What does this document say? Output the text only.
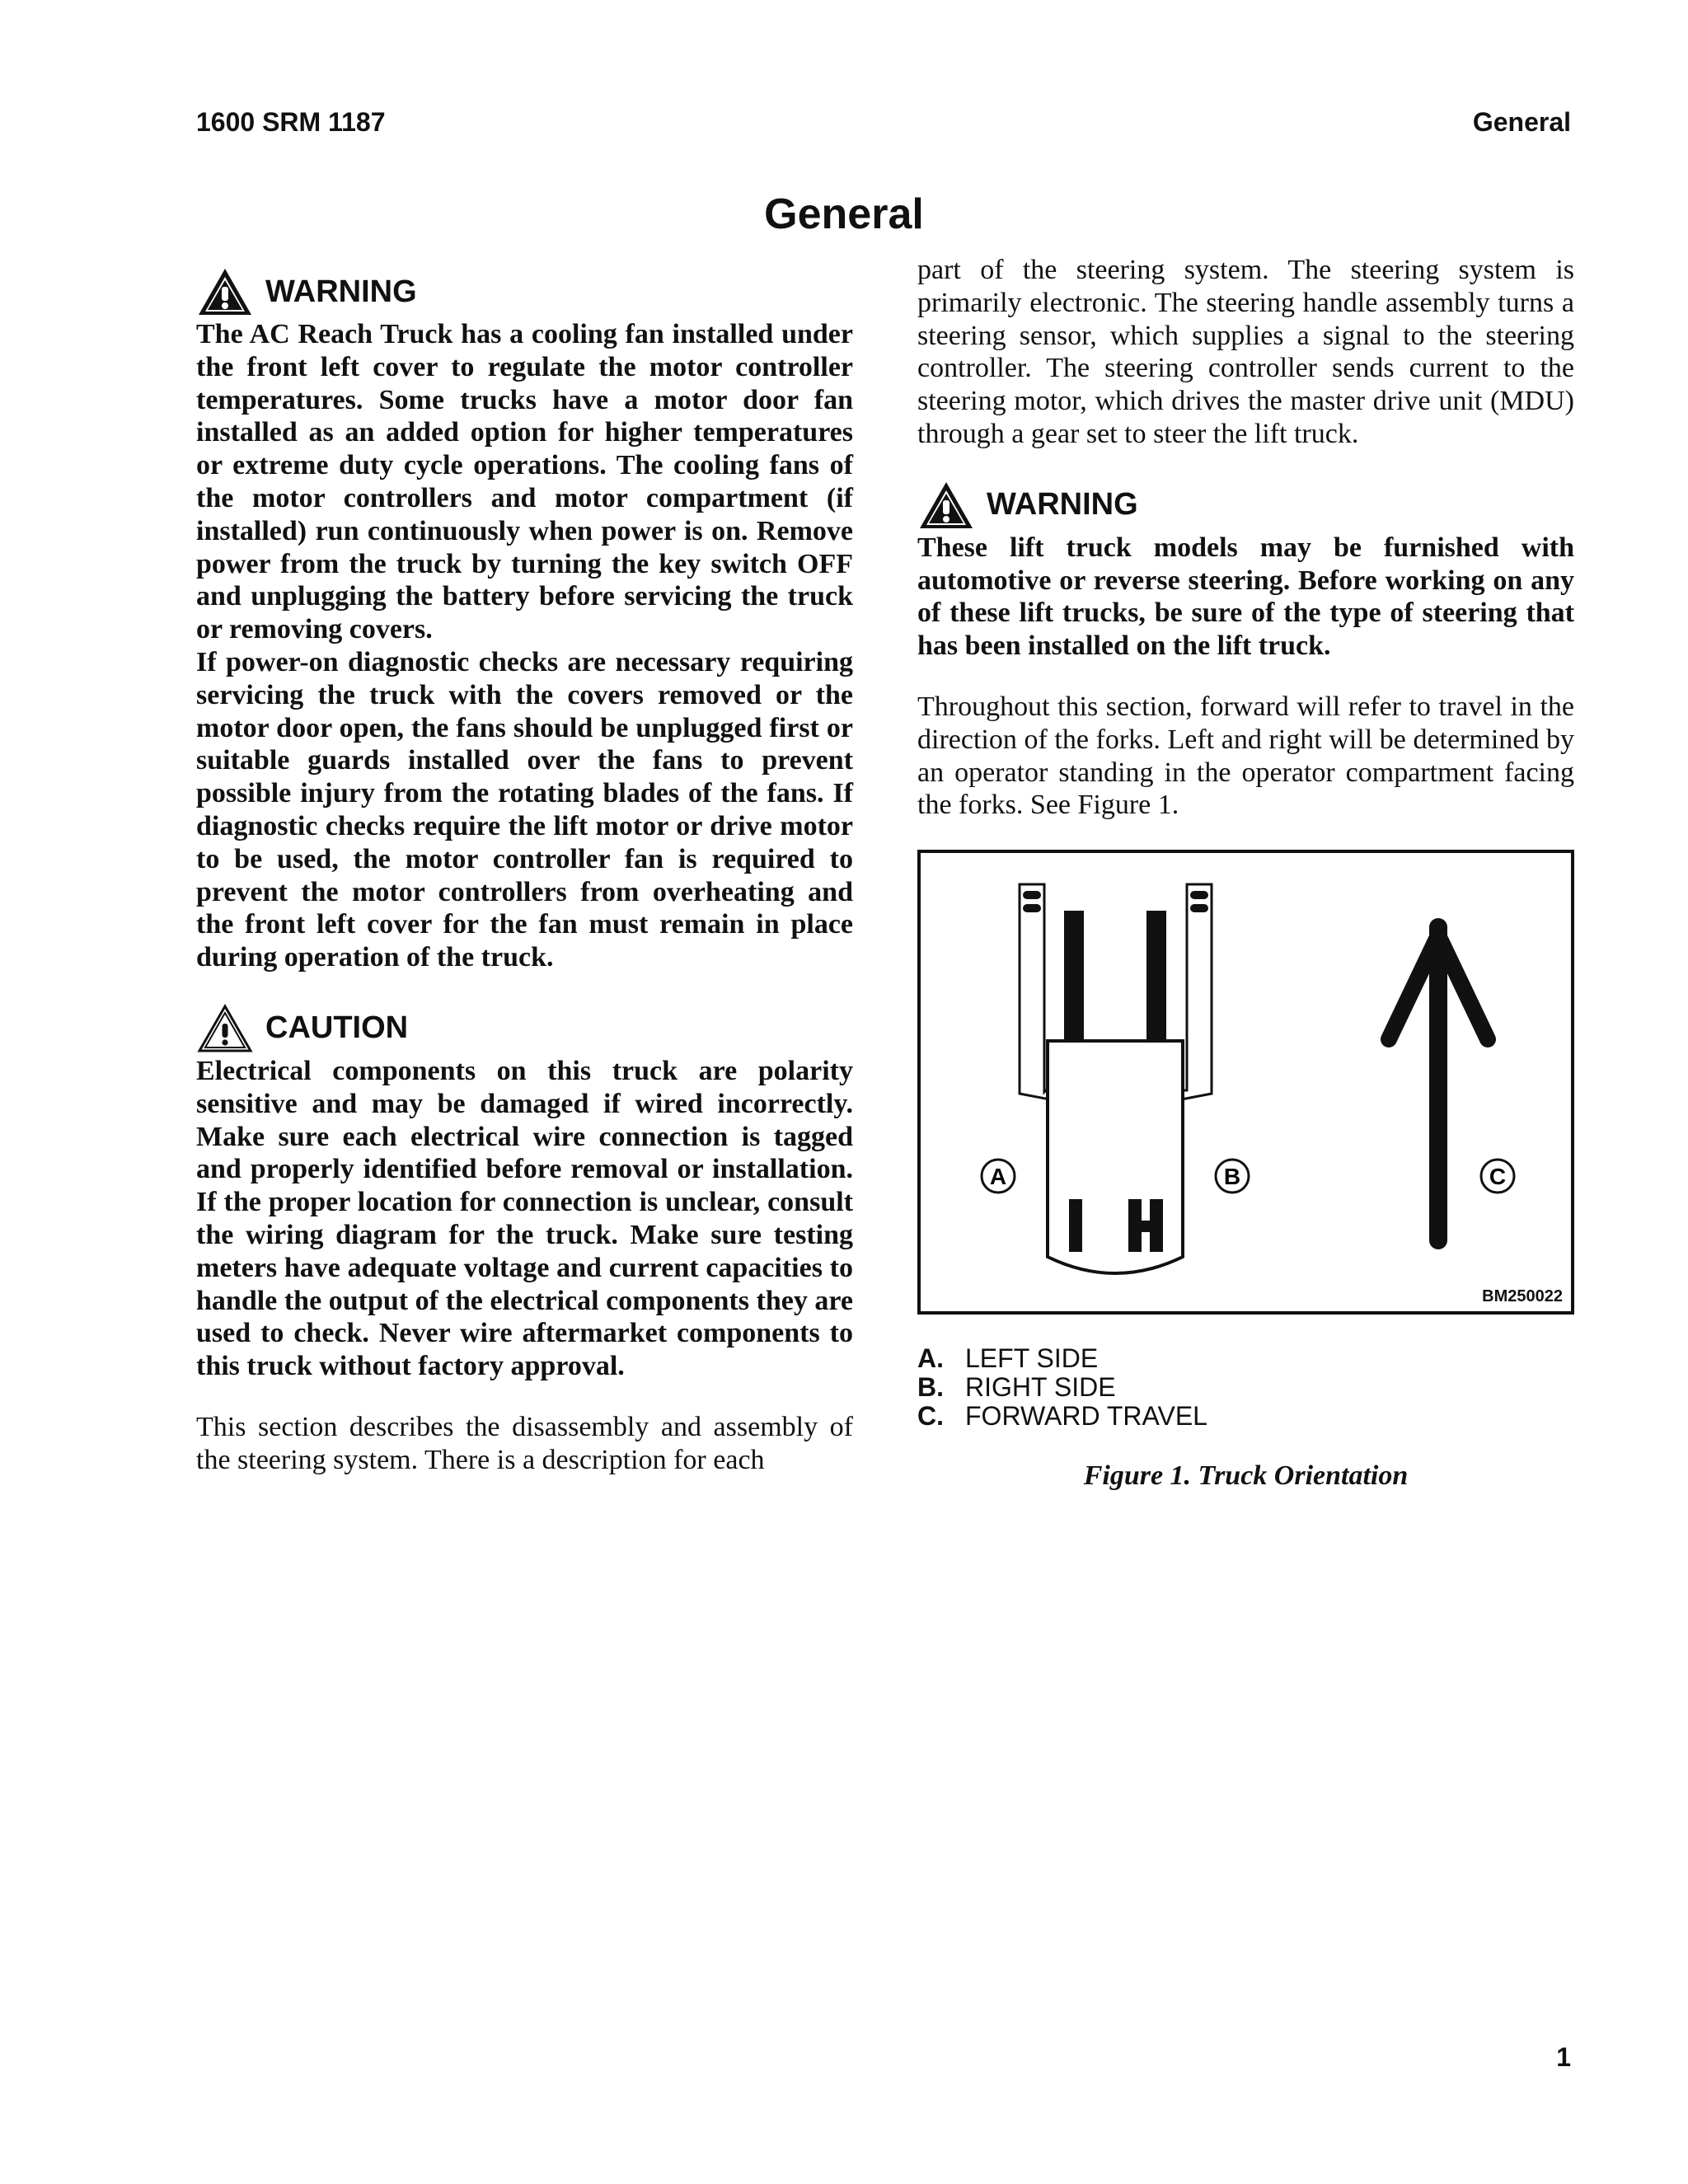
1600 SRM 1187	General
General
WARNING

The AC Reach Truck has a cooling fan installed under the front left cover to regulate the motor controller temperatures. Some trucks have a motor door fan installed as an added option for higher temperatures or extreme duty cycle operations. The cooling fans of the motor controllers and motor compartment (if installed) run continuously when power is on. Remove power from the truck by turning the key switch OFF and unplugging the battery before servicing the truck or removing covers.

If power-on diagnostic checks are necessary requiring servicing the truck with the covers removed or the motor door open, the fans should be unplugged first or suitable guards installed over the fans to prevent possible injury from the rotating blades of the fans. If diagnostic checks require the lift motor or drive motor to be used, the motor controller fan is required to prevent the motor controllers from overheating and the front left cover for the fan must remain in place during operation of the truck.

CAUTION

Electrical components on this truck are polarity sensitive and may be damaged if wired incorrectly. Make sure each electrical wire connection is tagged and properly identified before removal or installation. If the proper location for connection is unclear, consult the wiring diagram for the truck. Make sure testing meters have adequate voltage and current capacities to handle the output of the electrical components they are used to check. Never wire aftermarket components to this truck without factory approval.

This section describes the disassembly and assembly of the steering system. There is a description for each

part of the steering system. The steering system is primarily electronic. The steering handle assembly turns a steering sensor, which supplies a signal to the steering controller. The steering controller sends current to the steering motor, which drives the master drive unit (MDU) through a gear set to steer the lift truck.

WARNING

These lift truck models may be furnished with automotive or reverse steering. Before working on any of these lift trucks, be sure of the type of steering that has been installed on the lift truck.

Throughout this section, forward will refer to travel in the direction of the forks. Left and right will be determined by an operator standing in the operator compartment facing the forks. See Figure 1.

A	B	C
BM250022
A. LEFT SIDE
B. RIGHT SIDE
C. FORWARD TRAVEL
Figure 1. Truck Orientation
1
